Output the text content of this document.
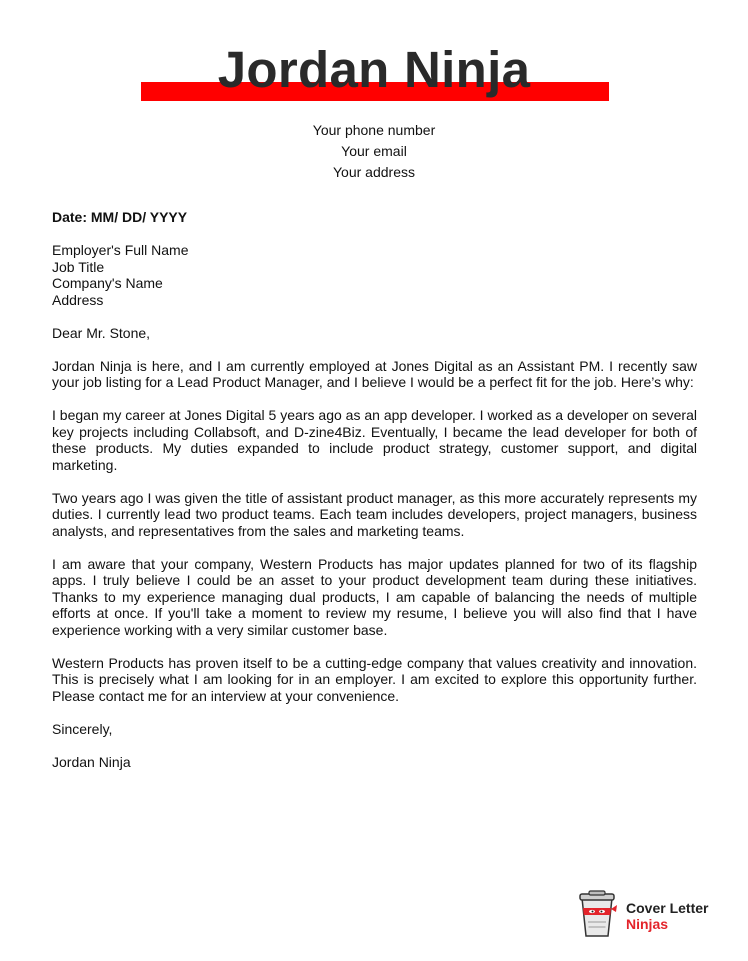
Jordan Ninja
Your phone number
Your email
Your address

Date: MM/ DD/ YYYY

Employer's Full Name
Job Title
Company's Name
Address

Dear Mr. Stone,

Jordan Ninja is here, and I am currently employed at Jones Digital as an Assistant PM. I recently saw your job listing for a Lead Product Manager, and I believe I would be a perfect fit for the job. Here’s why:

I began my career at Jones Digital 5 years ago as an app developer. I worked as a developer on several key projects including Collabsoft, and D-zine4Biz. Eventually, I became the lead developer for both of these products. My duties expanded to include product strategy, customer support, and digital marketing.

Two years ago I was given the title of assistant product manager, as this more accurately represents my duties. I currently lead two product teams. Each team includes developers, project managers, business analysts, and representatives from the sales and marketing teams.

I am aware that your company, Western Products has major updates planned for two of its flagship apps. I truly believe I could be an asset to your product development team during these initiatives. Thanks to my experience managing dual products, I am capable of balancing the needs of multiple efforts at once. If you'll take a moment to review my resume, I believe you will also find that I have experience working with a very similar customer base.

Western Products has proven itself to be a cutting-edge company that values creativity and innovation. This is precisely what I am looking for in an employer. I am excited to explore this opportunity further. Please contact me for an interview at your convenience.

Sincerely,

Jordan Ninja

Cover Letter
Ninjas
